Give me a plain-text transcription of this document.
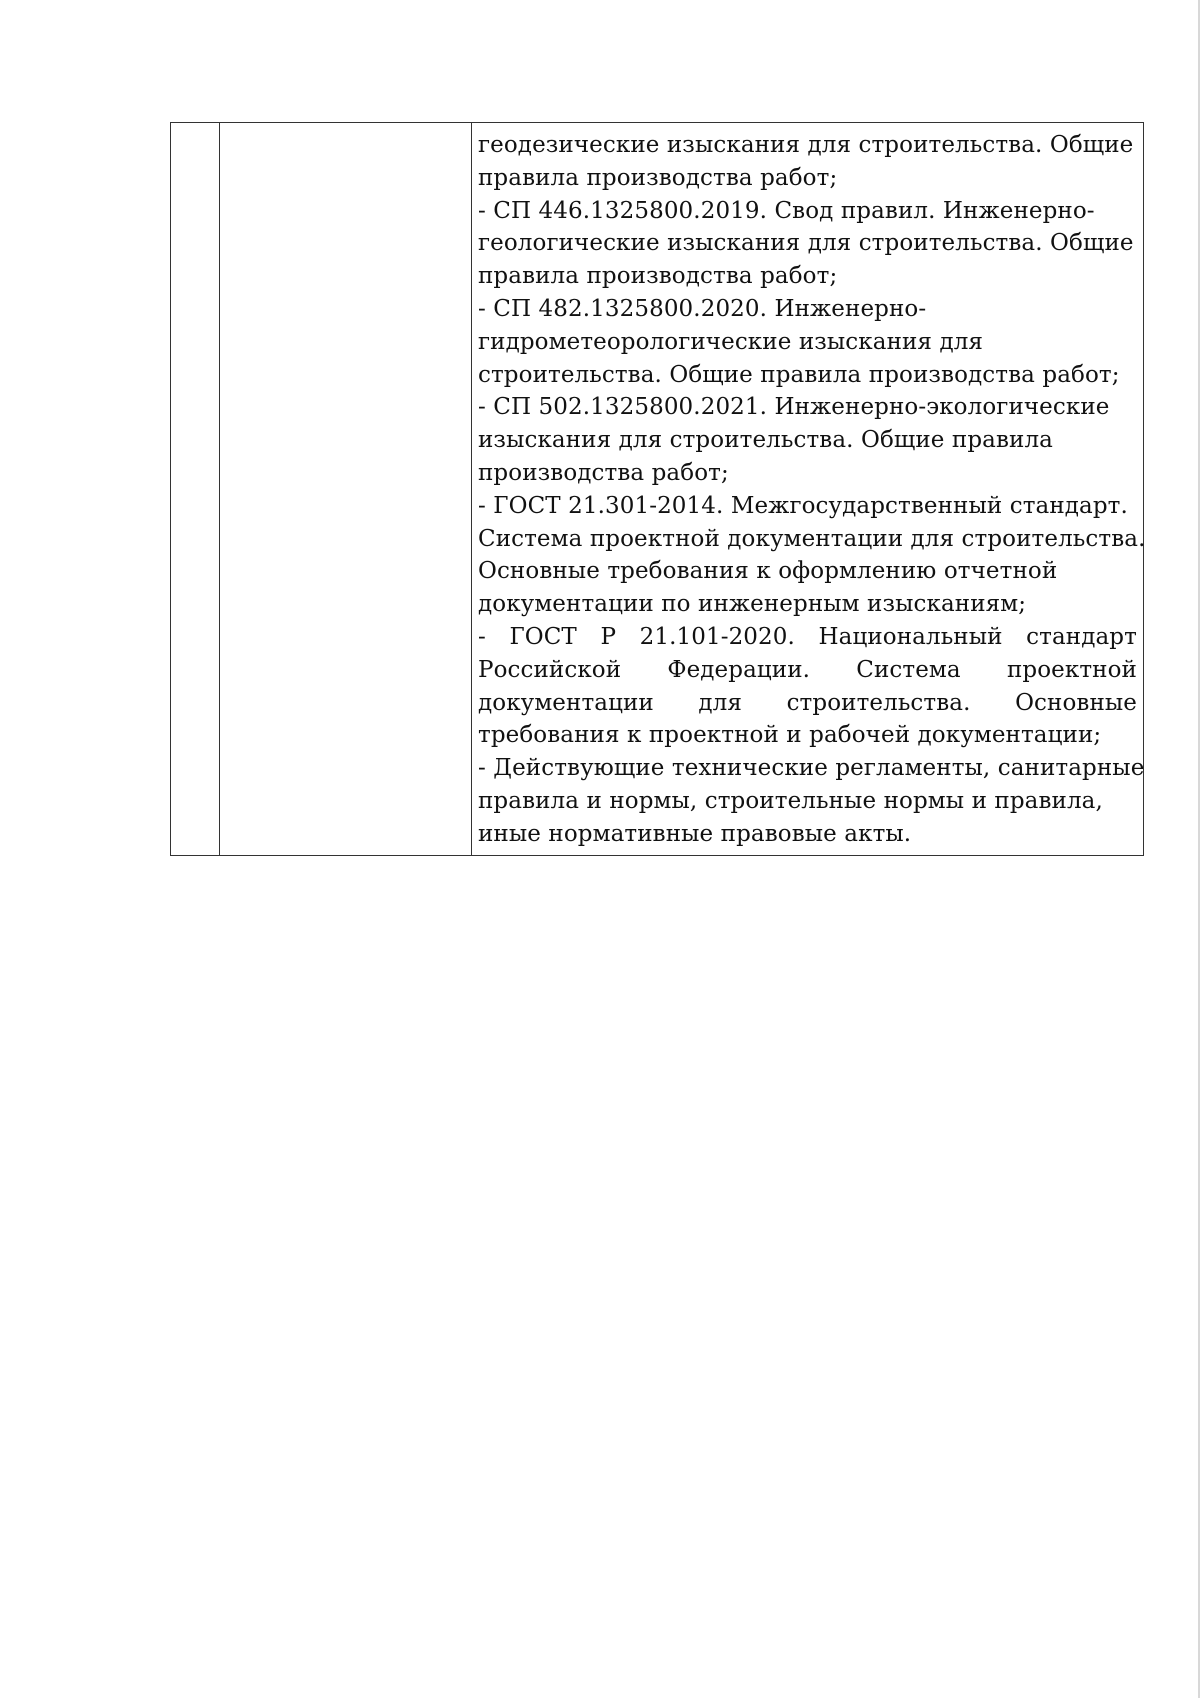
геодезические изыскания для строительства. Общие
правила производства работ;
- СП 446.1325800.2019. Свод правил. Инженерно-
геологические изыскания для строительства. Общие
правила производства работ;
- СП 482.1325800.2020. Инженерно-
гидрометеорологические изыскания для
строительства. Общие правила производства работ;
- СП 502.1325800.2021. Инженерно-экологические
изыскания для строительства. Общие правила
производства работ;
- ГОСТ 21.301-2014. Межгосударственный стандарт.
Система проектной документации для строительства.
Основные требования к оформлению отчетной
документации по инженерным изысканиям;
- ГОСТ Р 21.101-2020. Национальный стандарт
Российской Федерации. Система проектной
документации для строительства. Основные
требования к проектной и рабочей документации;
- Действующие технические регламенты, санитарные
правила и нормы, строительные нормы и правила,
иные нормативные правовые акты.
